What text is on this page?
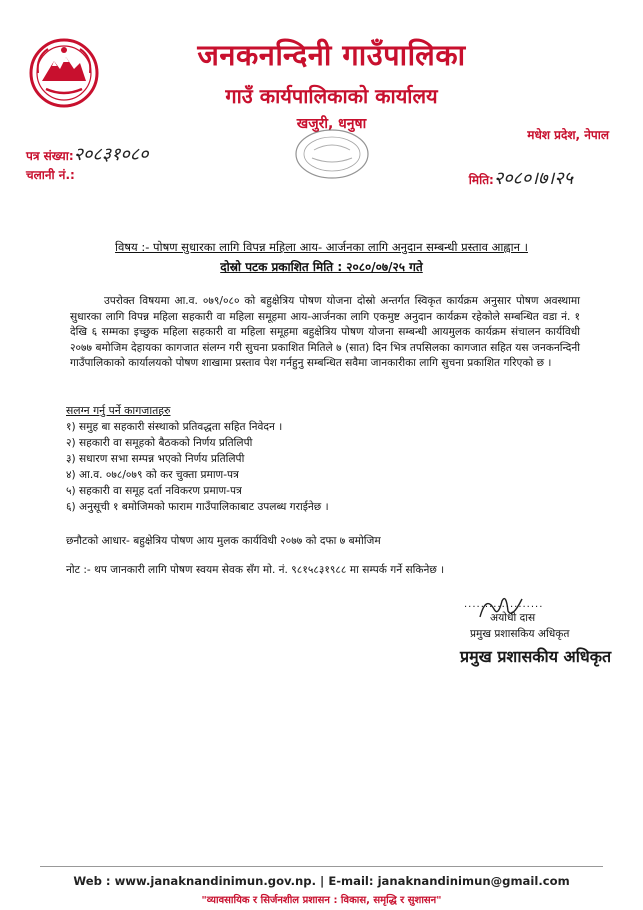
जनकनन्दिनी गाउँपालिका
गाउँ कार्यपालिकाको कार्यालय
खजुरी, धनुषा
पत्र संख्या:२०८३१०८०
चलानी नं.:
मधेश प्रदेश, नेपाल
मिति:२०८०।७।२५
विषय :- पोषण सुधारका लागि विपन्न महिला आय- आर्जनका लागि अनुदान सम्बन्धी प्रस्ताव आह्वान ।
दोस्रो पटक प्रकाशित मिति : २०८०/०७/२५ गते
उपरोक्त विषयमा आ.व. ०७९/०८० को बहुक्षेत्रिय पोषण योजना दोस्रो अन्तर्गत स्विकृत कार्यक्रम अनुसार पोषण अवस्थामा सुधारका लागि विपन्न महिला सहकारी वा महिला समूहमा आय-आर्जनका लागि एकमुष्ट अनुदान कार्यक्रम रहेकोले सम्बन्धित वडा नं. १ देखि ६ सम्मका इच्छुक महिला सहकारी वा महिला समूहमा बहुक्षेत्रिय पोषण योजना सम्बन्धी आयमुलक कार्यक्रम संचालन कार्यविधी २०७७ बमोजिम देहायका कागजात संलग्न गरी सुचना प्रकाशित मितिले ७ (सात) दिन भित्र तपसिलका कागजात सहित यस जनकनन्दिनी गाउँपालिकाको कार्यालयको पोषण शाखामा प्रस्ताव पेश गर्नहुनु सम्बन्धित सवैमा जानकारीका लागि सुचना प्रकाशित गरिएको छ ।
सलग्न गर्नु पर्ने कागजातहरु
१) समुह बा सहकारी संस्थाको प्रतिवद्धता सहित निवेदन ।
२) सहकारी वा समूहको बैठकको निर्णय प्रतिलिपी
३) सधारण सभा सम्पन्न भएको निर्णय प्रतिलिपी
४) आ.व. ०७८/०७९ को कर चुक्ता प्रमाण-पत्र
५) सहकारी वा समूह दर्ता नविकरण प्रमाण-पत्र
६) अनुसूची १ बमोजिमको फाराम गाउँपालिकाबाट उपलब्ध गराईनेछ ।
छनौटको आधार- बहुक्षेत्रिय पोषण आय मुलक कार्यविधी २०७७ को दफा ७ बमोजिम
नोट :- थप जानकारी लागि पोषण स्वयम सेवक सँग मो. नं. ९८१५८३१९८८ मा सम्पर्क गर्ने सकिनेछ ।
...................
अयोधी दास
प्रमुख प्रशासकिय अधिकृत
प्रमुख प्रशासकीय अधिकृत
Web : www.janaknandinimun.gov.np. | E-mail: janaknandinimun@gmail.com
"व्यावसायिक र सिर्जनशील प्रशासन : विकास, समृद्धि र सुशासन"
